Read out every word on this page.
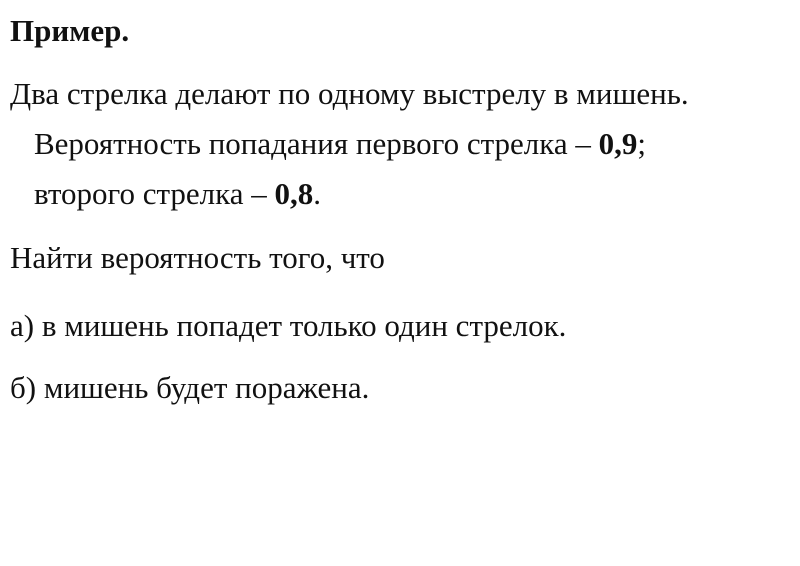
Пример.
Два стрелка делают по одному выстрелу в мишень.
Вероятность попадания первого стрелка – 0,9;
второго стрелка – 0,8.
Найти вероятность того, что
а) в мишень попадет только один стрелок.
б) мишень будет поражена.
